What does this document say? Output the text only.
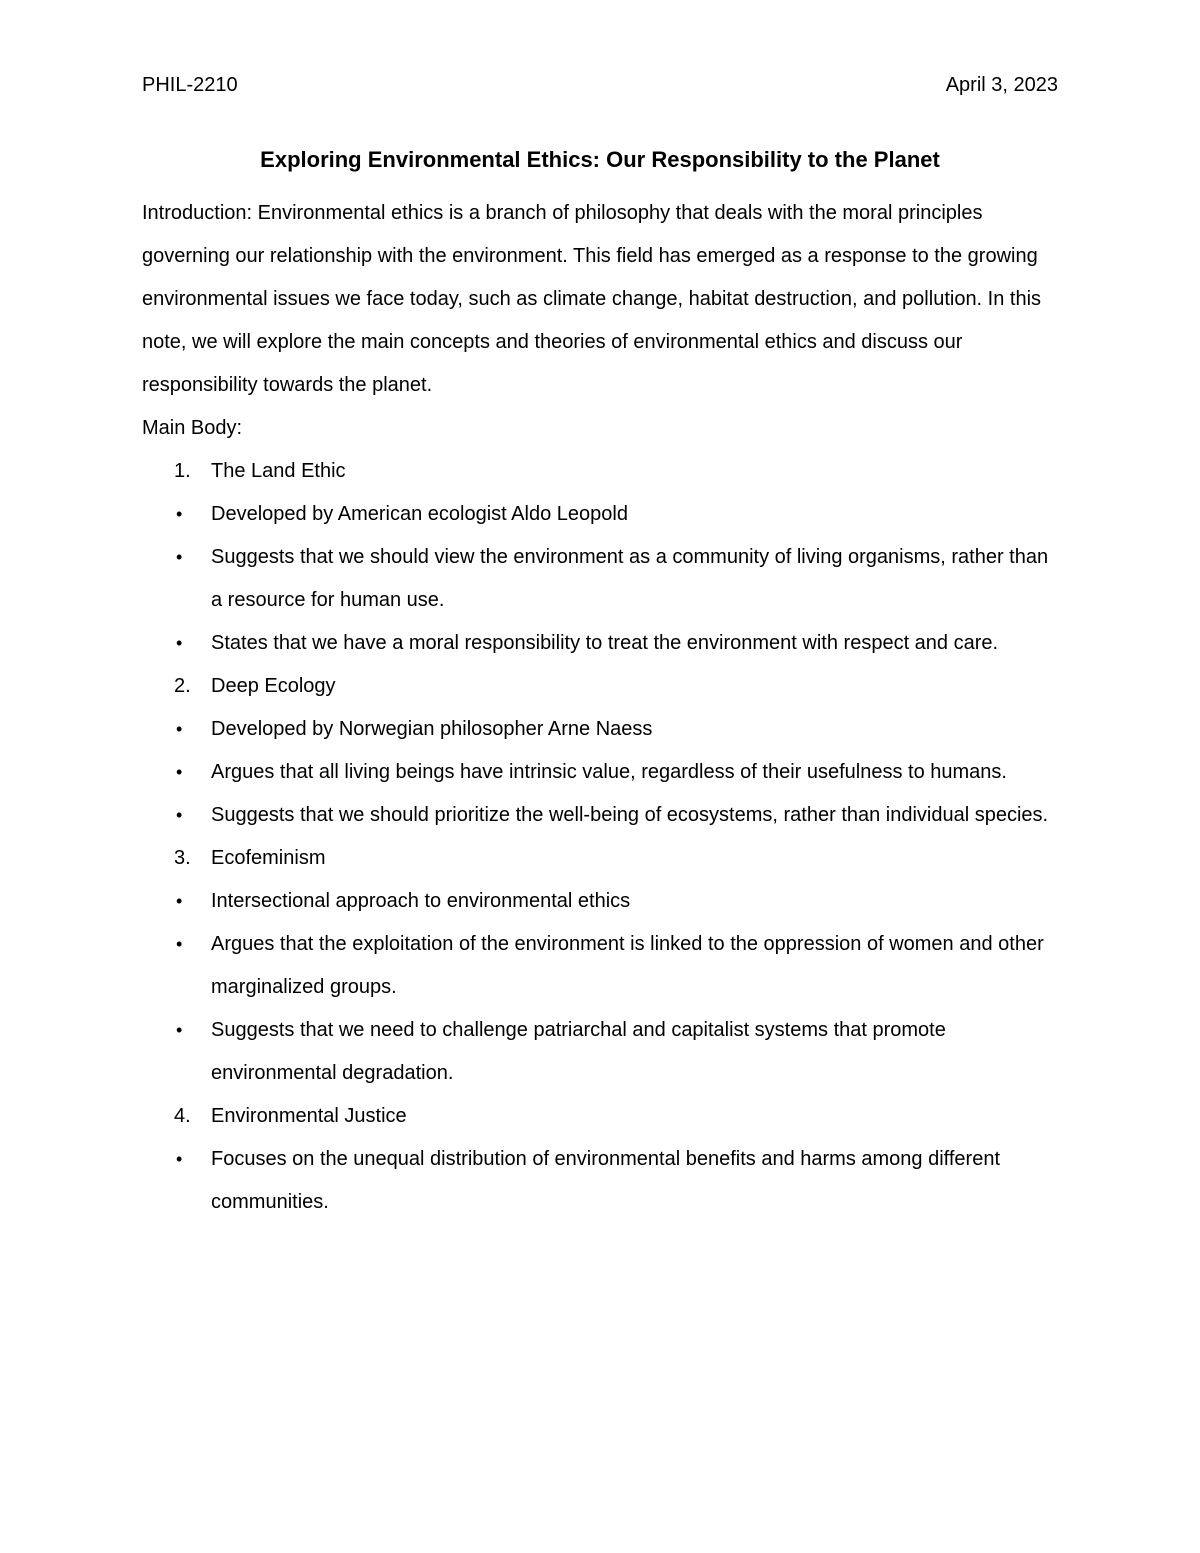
PHIL-2210	April 3, 2023
Exploring Environmental Ethics: Our Responsibility to the Planet

Introduction: Environmental ethics is a branch of philosophy that deals with the moral principles governing our relationship with the environment. This field has emerged as a response to the growing environmental issues we face today, such as climate change, habitat destruction, and pollution. In this note, we will explore the main concepts and theories of environmental ethics and discuss our responsibility towards the planet.

Main Body:

1.	The Land Ethic
•	Developed by American ecologist Aldo Leopold
•	Suggests that we should view the environment as a community of living organisms, rather than a resource for human use.
•	States that we have a moral responsibility to treat the environment with respect and care.
2.	Deep Ecology
•	Developed by Norwegian philosopher Arne Naess
•	Argues that all living beings have intrinsic value, regardless of their usefulness to humans.
•	Suggests that we should prioritize the well-being of ecosystems, rather than individual species.
3.	Ecofeminism
•	Intersectional approach to environmental ethics
•	Argues that the exploitation of the environment is linked to the oppression of women and other marginalized groups.
•	Suggests that we need to challenge patriarchal and capitalist systems that promote environmental degradation.
4.	Environmental Justice
•	Focuses on the unequal distribution of environmental benefits and harms among different communities.
